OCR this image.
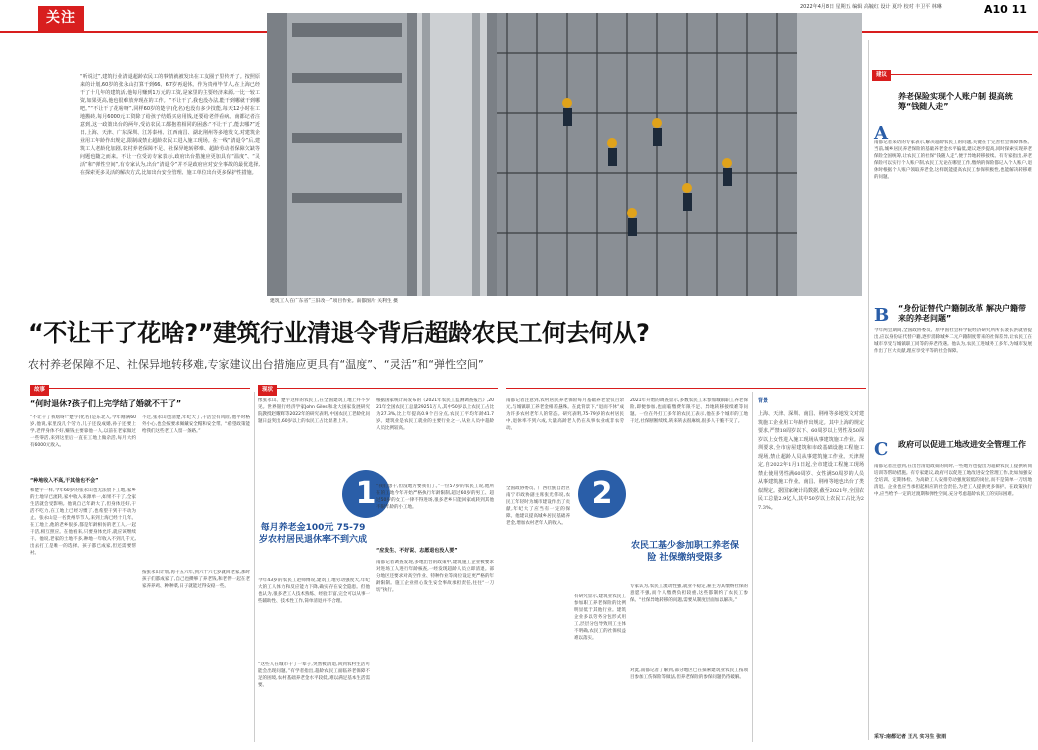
关注
2022年4月8日 星期五 编辑 高毓红 设计 夏玲 校对 丰卫平 林琳	A10 11
“听说过”,建筑行业清退超龄农民工的事情就被发出在工友圈子里传开了。按照原来的计划,60岁的张永山打算干到66、67岁再退休。作为贵州毕节人,在上海已经干了十几年的建筑活,他每月赚到1万元的工资,是家里的主要经济来源,一比一较工资,如果更高,他也很难放弃现在的工作。“不让干了,我也没办法,能干到哪就干到哪吧。”“不让干了花啥呀”,同样60岁的楚宇(化名)也没有多少技能,每天12小时在工地搬砖,每月6000元工资除了给孩子结婚买房用钱,还要给老伴看病。南都记者注意到,这一政策出台的两年,受访农民工都抱着相同的困惑:“不让干了,能去哪?”近日,上海、天津、广东深圳、江苏泰州、江西南昌、湖北荆州等多地发文,对建筑企业用工年龄作出规定,限制或禁止超龄农民工进入施工现场。在一线“清退令”后,建筑工人老龄化加剧,农村养老保障不足、社保异地转移难、超龄劳动者保障欠缺等问题也随之而来。不让一位受访专家表示,政府出台措施应更加具有“温度”、“灵活”和“弹性空间”,有专家认为,出台“清退令”并不是政府应对安全事故的最优选择,在探索更多灵活的解决方式,比如出台安全管理、施工单位出台更多保护性措施。
建筑工人在广东省“三旧改一”项目作业。南都图片 关利生 摄
“不让干了花啥?”建筑行业清退令背后超龄农民工何去何从?
农村养老保障不足、社保异地转移难,专家建议出台措施应更具有“温度”、“灵活”和“弹性空间”
故事	现状
“何时退休?孩子们上完学结了婚就不干了”
“不让干了我啥呀!”楚宇(化名)是东北人,今年刚满60岁,他说,家里没几个劳力,儿子还没成婚,孙子还要上学,老伴身体不好,赚钱主要靠他一人,以前在老家做过一些零活,来到这里后一直在工地上做杂活,每月大约有6000元收入。
“种地收入不高,干其他也不会”
和楚宇一样,今年60岁的张永山也无法放下工地,家乡的土地早已流转,家中收入来源单一,如果不干了,全家生活就会受影响。他说自己年龄大了,但身体还好,干活不吃力,在工地上已经习惯了,也希望干到干不动为止。张永山是一名贵州毕节人,来到上海已经十几年。在工地上,他的老乡很多,都是年龄相仿的老工人,一起干活,相互照应。在他看来,只要身体允许,就应该继续干。他说,老家的土地不多,种地一年收入不到几千元,出去打工是唯一的选择。孩子都已成家,但还需要帮衬。
不过,张永山也清楚,年纪大了,干活会有风险,他平时格外小心,也会按要求佩戴安全帽和安全带。“希望政策能给我们这些老工人留一条路。”
按张永山计划,再干五六年,到六十六七岁就回老家,那时孩子们都成家了,自己也攒够了养老钱,和老伴一起在老家养养鸡、种种菜,日子就能过得安稳一些。
像张永山、楚宇这样的农民工,在全国建筑工地上并不少见。世界银行经济学家John Giles和北大国家发展研究院教授赵耀辉等2022年的研究表明,中国农民工老龄化问题日益突出,60岁以上的农民工占比显著上升。
根据国家统计局发布的《2021年农民工监测调查报告》,2021年全国农民工总量29251万人,其中50岁以上农民工占比为27.3%,比上年提高0.9个百分点,农民工平均年龄41.7岁。建筑业是农民工就业的主要行业之一,从业人员中超龄人员比例较高。
1
每月养老金100元 75-79岁农村居民退休率不到六成
“我们想干,但没地方要我们了。”一位57岁的农民工说,他所在的工地今年开始严格执行年龄限制,超过60岁的男工、超过50岁的女工一律不得进场,很多老乡只能回家或转到其他不限年龄的小工地。
“应发生、不好说、志愿退也没人要”
南都记者调查发现,多地出台的政策中,建筑施工企业被要求对进场工人进行年龄核查,一经发现超龄人员立即清退。部分地区还要求对高空作业、特种作业等岗位设定更严格的年龄限制。施工企业担心发生安全事故承担责任,往往“一刀切”执行。
今年43岁的农民工赵师傅说,建筑工地劳动强度大,年纪大的工人体力和反应能力下降,确实存在安全隐患。但他也认为,很多老工人技术熟练、经验丰富,完全可以从事一些辅助性、技术性工作,简单清退并不合理。
“这些人在城市干了一辈子,突然被清退,回到农村生活可能会出现问题。”有学者指出,超龄农民工面临养老保障不足的困境,农村基础养老金水平较低,难以满足基本生活需要。
南都记者注意到,农村居民养老保险每月基础养老金仅百余元,与城镇职工养老金相差悬殊。在此背景下,“退而不休”成为许多农村老年人的常态。研究表明,75-79岁的农村居民中,退休率不到六成,大量高龄老人仍在从事农业或非农劳动。
2
农民工基少参加职工养老保险 社保缴纳受限多
全国政协委员、广西壮族自治区南宁市政协副主席张光伟说,农民工年轻时为城市建设作出了贡献,年纪大了应当有一定的保障。他建议提高城乡居民基础养老金,增加农村老年人的收入。
2021年开始的调查显示,多数农民工未参加城镇职工养老保险,即便参加,也面临缴费年限不足、异地转移接续难等问题。一位在外打工多年的农民工表示,他在多个城市的工地干过,社保断断续续,转来转去很麻烦,很多人干脆不交了。
专家认为,农民工流动性强,就业不稳定,雇主为其缴纳社保的意愿不强,而个人缴费负担较重,这些都制约了农民工参保。“社保异地转移的问题,需要从制度层面加以解决。”
有研究显示,建筑业农民工参加职工养老保险的比例明显低于其他行业。建筑企业多以劳务分包形式用工,层层分包导致用工主体不明确,农民工的社保权益难以落实。
对此,南都记者了解到,部分地区已在探索建筑业农民工按项目参加工伤保险等做法,但养老保险的参保问题仍待破解。
背景
上海、天津、深圳、南昌、荆州等多地发文对建筑施工企业用工年龄作出规定。其中上海的规定要求,严禁18周岁以下、60周岁以上男性及50周岁以上女性进入施工现场从事建筑施工作业。深圳要求,全市房屋建筑和市政基础设施工程施工现场,禁止超龄人员从事建筑施工作业。天津规定,自2022年1月1日起,全市建设工程施工现场禁止使用男性满60周岁、女性满50周岁的人员从事建筑施工作业。南昌、荆州等地也出台了类似规定。据国家统计局数据,截至2021年,全国农民工总量2.9亿人,其中50岁以上农民工占比为27.3%。
建议
A
养老保险实现个人账户制 提高统筹“钱随人走”
南都记者采访的专家表示,解决超龄农民工的问题,关键在于完善社会保障体系。当前,城乡居民养老保险的基础养老金水平偏低,建议逐步提高,同时探索实现养老保险全国统筹,让农民工的社保“钱随人走”,便于异地转移接续。有专家指出,养老保险可以实行个人账户制,农民工无论在哪里工作,缴纳的保险都记入个人账户,退休时根据个人账户领取养老金,这样既能提高农民工参保积极性,也能解决转移难的问题。
B “身份证替代户籍制改革 解决户籍带来的养老问题”
今年两会期间,全国政协委员、原中国社会科学院经济研究所所长裴长洪就曾提出,应以身份证代替户籍,逐步消除城乡二元户籍制度带来的社保差异,让农民工在城市享受与城镇职工同等的养老待遇。他认为,农民工进城务工多年,为城市发展作出了巨大贡献,理应享受平等的社会保障。
C 政府可以促进工地改进安全管理工作
南都记者注意到,在出台清退政策的同时,一些地方也提出为超龄农民工提供转岗培训等帮助措施。有专家建议,政府可以促进工地改进安全管理工作,比如加强安全培训、定期体检、为高龄工人安排劳动强度较低的岗位,而不是简单一刀切地清退。企业也应当承担起相应的社会责任,为老工人提供更多保护。在政策执行中,应当给予一定的过渡期和弹性空间,充分考虑超龄农民工的实际困难。
采写:南都记者 王凡 实习生 张雨
